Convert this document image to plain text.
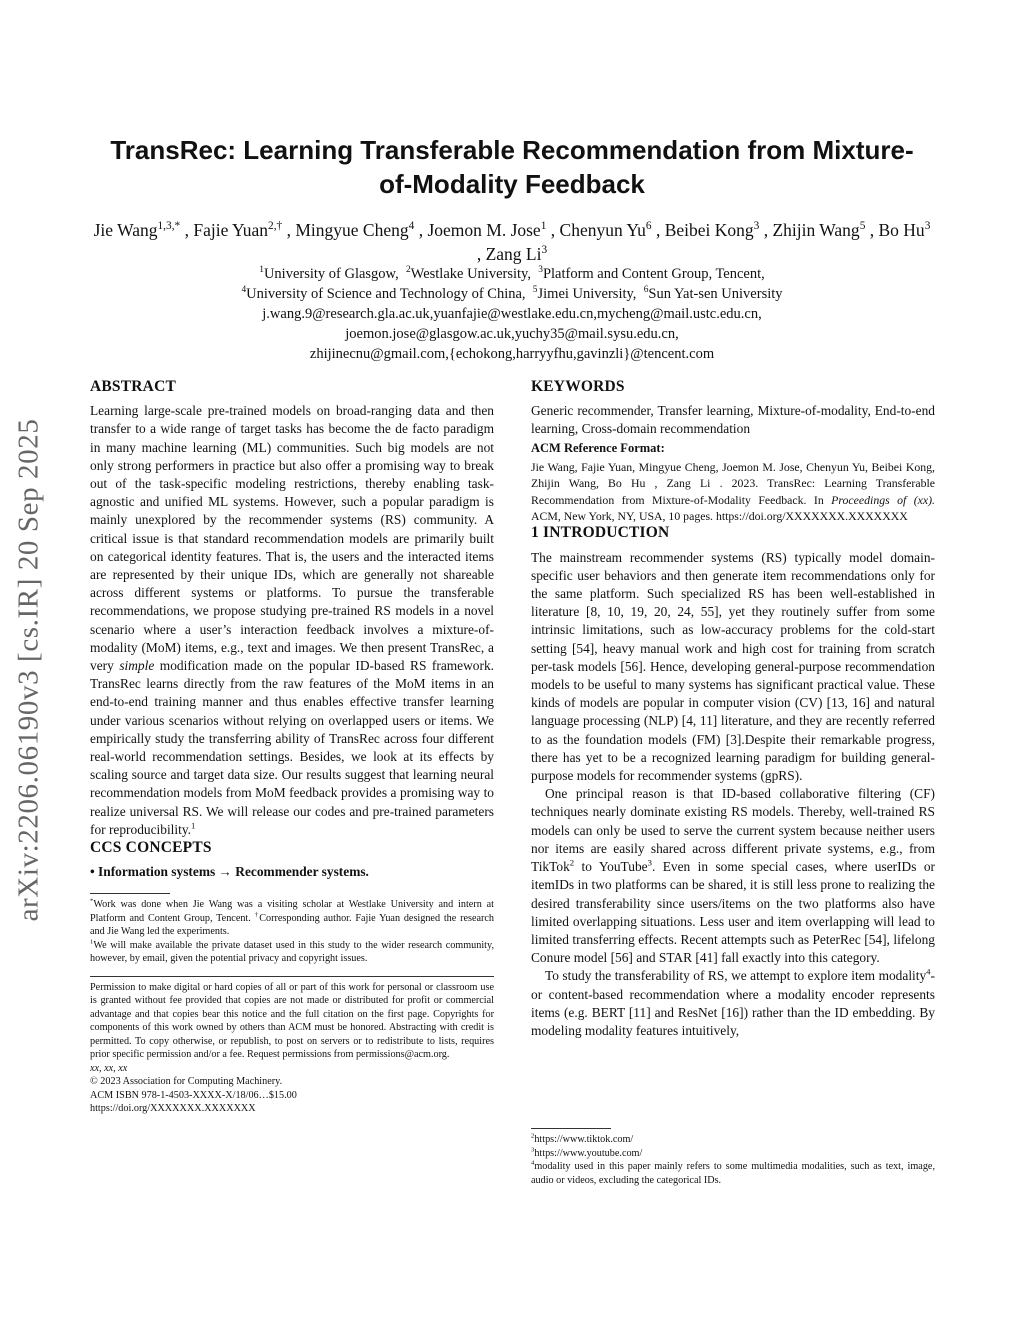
arXiv:2206.06190v3 [cs.IR] 20 Sep 2025
TransRec: Learning Transferable Recommendation from Mixture-of-Modality Feedback
Jie Wang$^{1,3,*}$ , Fajie Yuan$^{2,\dagger}$ , Mingyue Cheng$^4$ , Joemon M. Jose$^1$ , Chenyun Yu$^6$ , Beibei Kong$^3$ , Zhijin Wang$^5$ , Bo Hu$^3$ , Zang Li$^3$
$^1$University of Glasgow, $^2$Westlake University, $^3$Platform and Content Group, Tencent,
$^4$University of Science and Technology of China, $^5$Jimei University, $^6$Sun Yat-sen University
j.wang.9@research.gla.ac.uk,yuanfajie@westlake.edu.cn,mycheng@mail.ustc.edu.cn,
joemon.jose@glasgow.ac.uk,yuchy35@mail.sysu.edu.cn,
zhijinecnu@gmail.com,{echokong,harryyfhu,gavinzli}@tencent.com
ABSTRACT

Learning large-scale pre-trained models on broad-ranging data and then transfer to a wide range of target tasks has become the de facto paradigm in many machine learning (ML) communities. Such big models are not only strong performers in practice but also offer a promising way to break out of the task-specific modeling restrictions, thereby enabling task-agnostic and unified ML systems. However, such a popular paradigm is mainly unexplored by the recommender systems (RS) community. A critical issue is that standard recommendation models are primarily built on categorical identity features. That is, the users and the interacted items are represented by their unique IDs, which are generally not shareable across different systems or platforms. To pursue the transferable recommendations, we propose studying pre-trained RS models in a novel scenario where a user’s interaction feedback involves a mixture-of-modality (MoM) items, e.g., text and images. We then present TransRec, a very simple modification made on the popular ID-based RS framework. TransRec learns directly from the raw features of the MoM items in an end-to-end training manner and thus enables effective transfer learning under various scenarios without relying on overlapped users or items. We empirically study the transferring ability of TransRec across four different real-world recommendation settings. Besides, we look at its effects by scaling source and target data size. Our results suggest that learning neural recommendation models from MoM feedback provides a promising way to realize universal RS. We will release our codes and pre-trained parameters for reproducibility.$^1$

CCS CONCEPTS
• Information systems → Recommender systems.

*Work was done when Jie Wang was a visiting scholar at Westlake University and intern at Platform and Content Group, Tencent. †Corresponding author. Fajie Yuan designed the research and Jie Wang led the experiments.

$^1$We will make available the private dataset used in this study to the wider research community, however, by email, given the potential privacy and copyright issues.

Permission to make digital or hard copies of all or part of this work for personal or classroom use is granted without fee provided that copies are not made or distributed for profit or commercial advantage and that copies bear this notice and the full citation on the first page. Copyrights for components of this work owned by others than ACM must be honored. Abstracting with credit is permitted. To copy otherwise, or republish, to post on servers or to redistribute to lists, requires prior specific permission and/or a fee. Request permissions from permissions@acm.org.

xx, xx, xx
© 2023 Association for Computing Machinery.
ACM ISBN 978-1-4503-XXXX-X/18/06…$15.00
https://doi.org/XXXXXXX.XXXXXXX
KEYWORDS

Generic recommender, Transfer learning, Mixture-of-modality, End-to-end learning, Cross-domain recommendation

ACM Reference Format:

Jie Wang, Fajie Yuan, Mingyue Cheng, Joemon M. Jose, Chenyun Yu, Beibei Kong, Zhijin Wang, Bo Hu , Zang Li . 2023. TransRec: Learning Transferable Recommendation from Mixture-of-Modality Feedback. In Proceedings of (xx). ACM, New York, NY, USA, 10 pages. https://doi.org/XXXXXXX.XXXXXXX

1 INTRODUCTION

The mainstream recommender systems (RS) typically model domain-specific user behaviors and then generate item recommendations only for the same platform. Such specialized RS has been well-established in literature [8, 10, 19, 20, 24, 55], yet they routinely suffer from some intrinsic limitations, such as low-accuracy problems for the cold-start setting [54], heavy manual work and high cost for training from scratch per-task models [56]. Hence, developing general-purpose recommendation models to be useful to many systems has significant practical value. These kinds of models are popular in computer vision (CV) [13, 16] and natural language processing (NLP) [4, 11] literature, and they are recently referred to as the foundation models (FM) [3].Despite their remarkable progress, there has yet to be a recognized learning paradigm for building general-purpose models for recommender systems (gpRS).

One principal reason is that ID-based collaborative filtering (CF) techniques nearly dominate existing RS models. Thereby, well-trained RS models can only be used to serve the current system because neither users nor items are easily shared across different private systems, e.g., from TikTok$^2$ to YouTube$^3$. Even in some special cases, where userIDs or itemIDs in two platforms can be shared, it is still less prone to realizing the desired transferability since users/items on the two platforms also have limited overlapping situations. Less user and item overlapping will lead to limited transferring effects. Recent attempts such as PeterRec [54], lifelong Conure model [56] and STAR [41] fall exactly into this category.

To study the transferability of RS, we attempt to explore item modality$^4$- or content-based recommendation where a modality encoder represents items (e.g. BERT [11] and ResNet [16]) rather than the ID embedding. By modeling modality features intuitively,

$^2$https://www.tiktok.com/

$^3$https://www.youtube.com/

$^4$modality used in this paper mainly refers to some multimedia modalities, such as text, image, audio or videos, excluding the categorical IDs.
